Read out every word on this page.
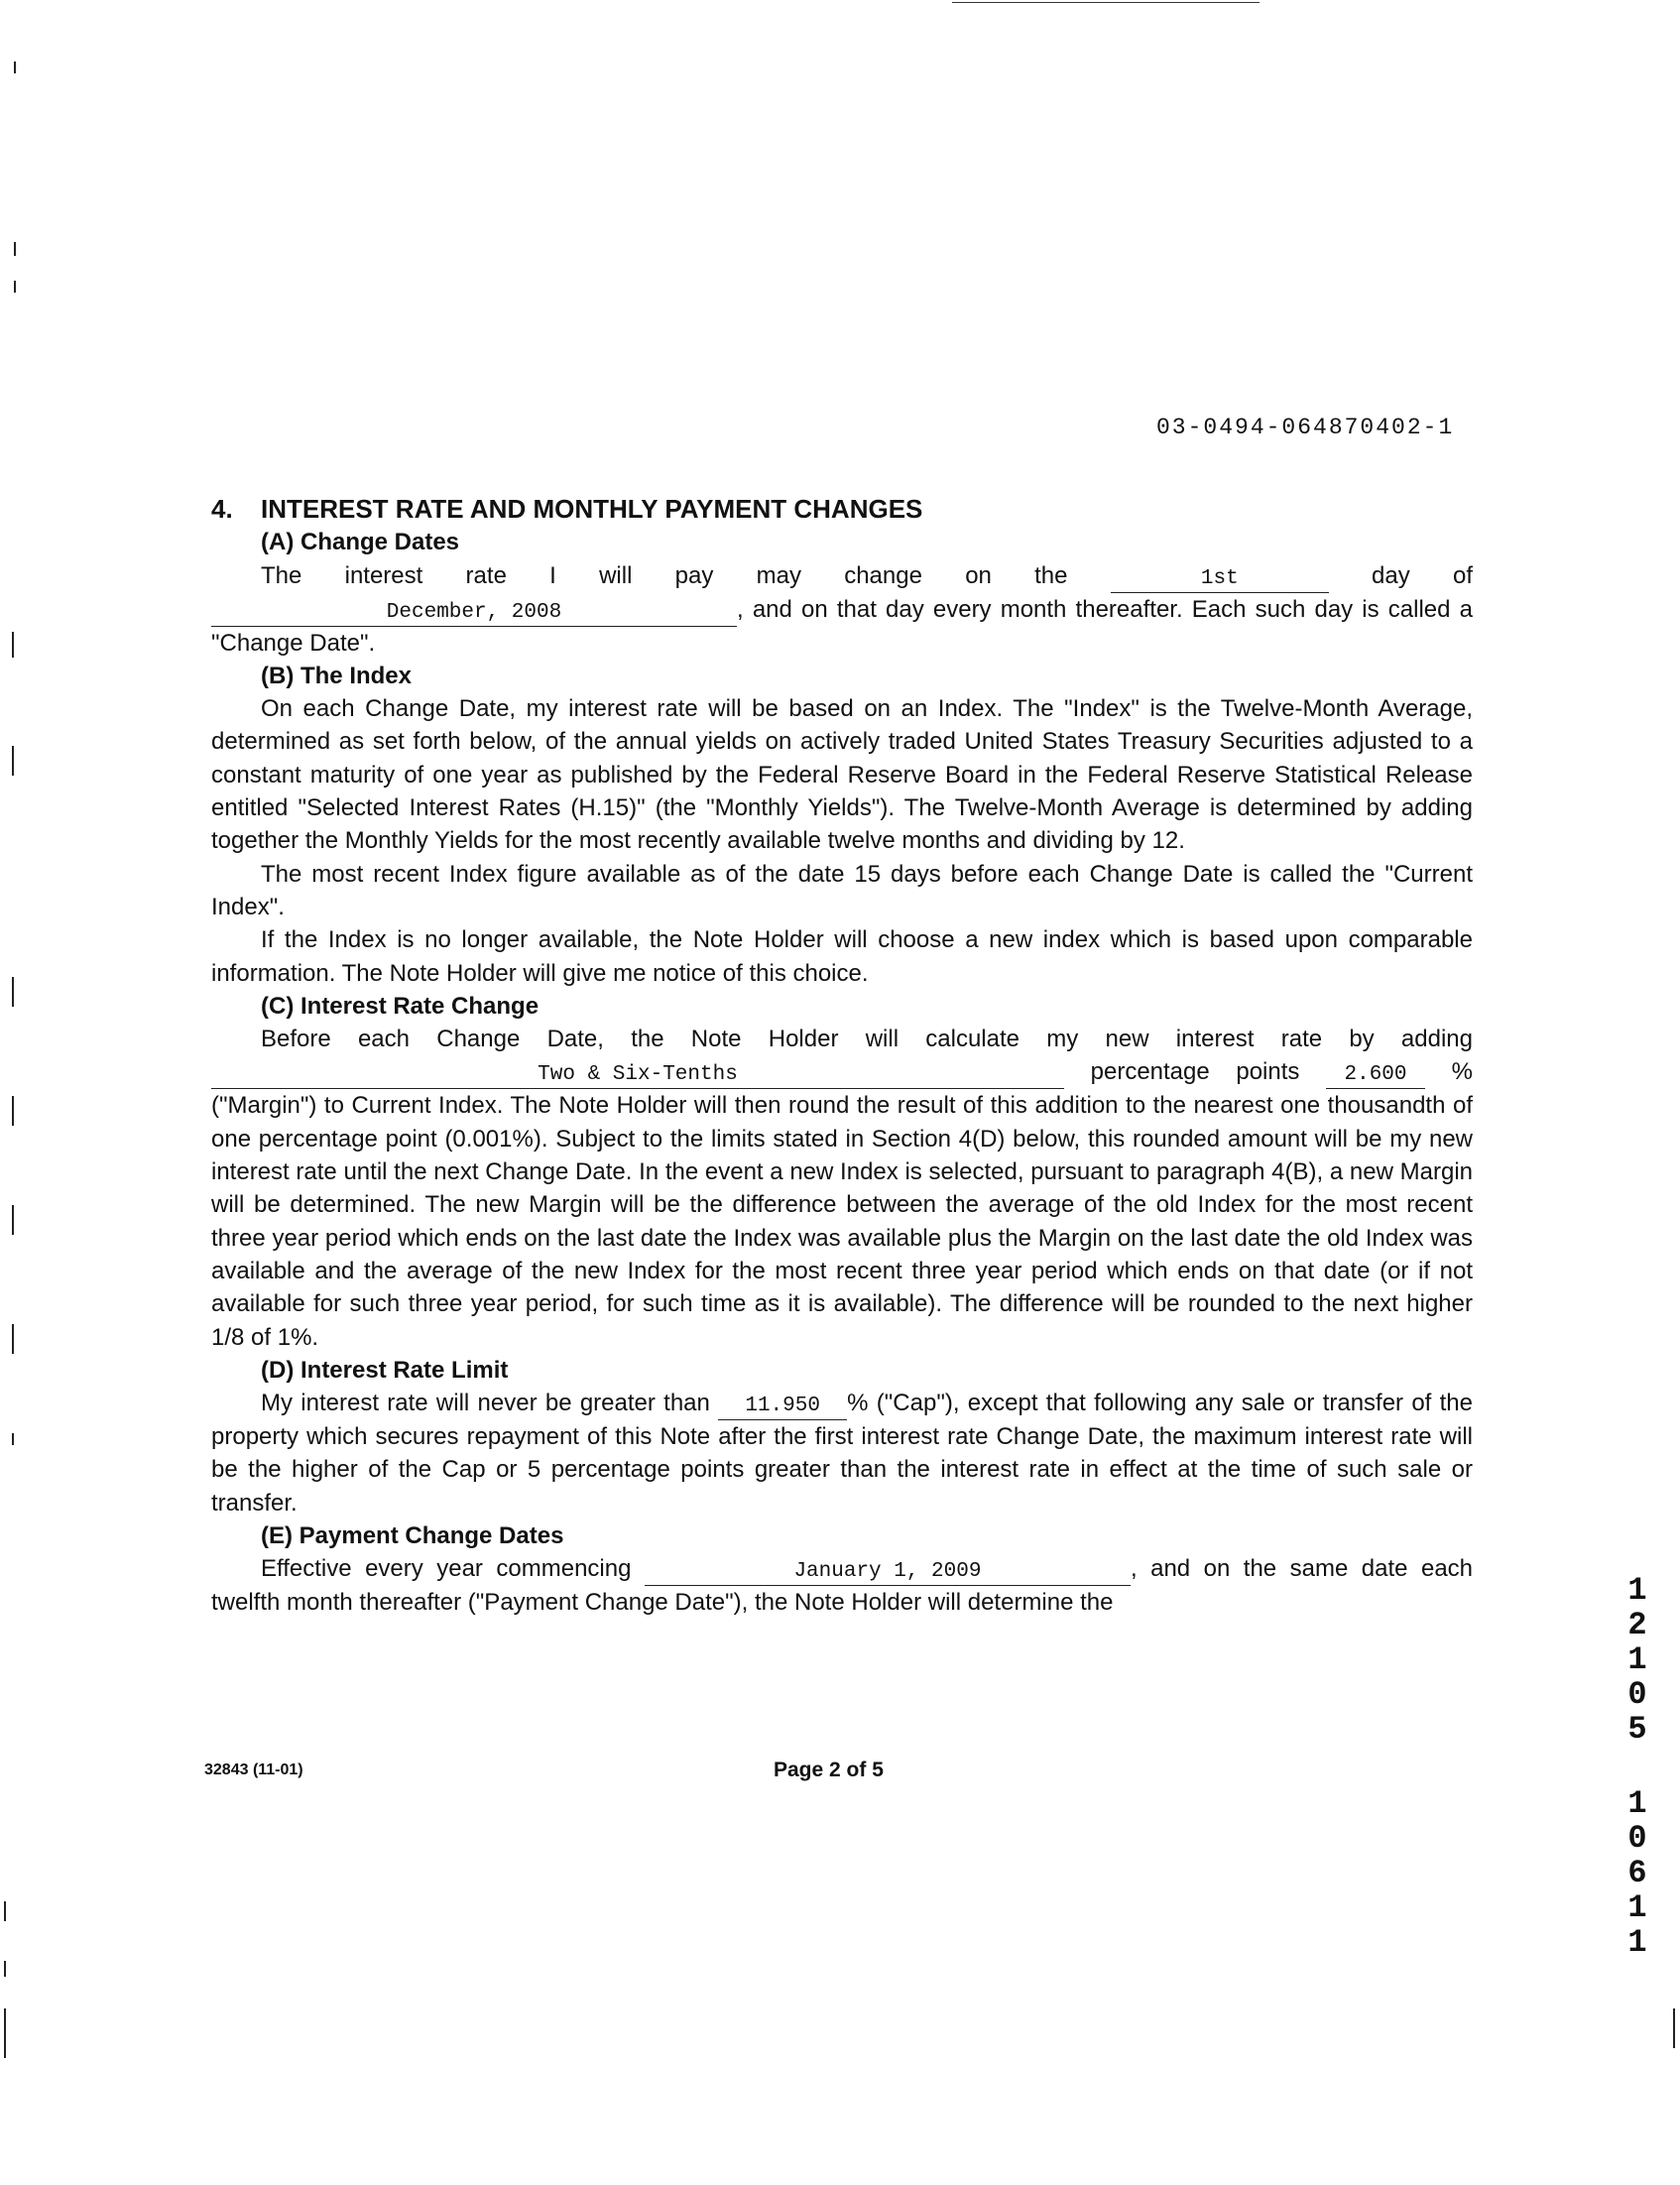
03-0494-064870402-1

4. INTEREST RATE AND MONTHLY PAYMENT CHANGES

(A) Change Dates

The interest rate I will pay may change on the	1st	day of December, 2008	, and on that day every month thereafter. Each such day is called a "Change Date".

(B) The Index

On each Change Date, my interest rate will be based on an Index. The "Index" is the Twelve-Month Average, determined as set forth below, of the annual yields on actively traded United States Treasury Securities adjusted to a constant maturity of one year as published by the Federal Reserve Board in the Federal Reserve Statistical Release entitled "Selected Interest Rates (H.15)" (the "Monthly Yields"). The Twelve-Month Average is determined by adding together the Monthly Yields for the most recently available twelve months and dividing by 12.

The most recent Index figure available as of the date 15 days before each Change Date is called the "Current Index".

If the Index is no longer available, the Note Holder will choose a new index which is based upon comparable information. The Note Holder will give me notice of this choice.

(C) Interest Rate Change

Before each Change Date, the Note Holder will calculate my new interest rate by adding Two & Six-Tenths	percentage points 2.600 % ("Margin") to Current Index. The Note Holder will then round the result of this addition to the nearest one thousandth of one percentage point (0.001%). Subject to the limits stated in Section 4(D) below, this rounded amount will be my new interest rate until the next Change Date. In the event a new Index is selected, pursuant to paragraph 4(B), a new Margin will be determined. The new Margin will be the difference between the average of the old Index for the most recent three year period which ends on the last date the Index was available plus the Margin on the last date the old Index was available and the average of the new Index for the most recent three year period which ends on that date (or if not available for such three year period, for such time as it is available). The difference will be rounded to the next higher 1/8 of 1%.

(D) Interest Rate Limit

My interest rate will never be greater than 11.950 % ("Cap"), except that following any sale or transfer of the property which secures repayment of this Note after the first interest rate Change Date, the maximum interest rate will be the higher of the Cap or 5 percentage points greater than the interest rate in effect at the time of such sale or transfer.

(E) Payment Change Dates

Effective every year commencing	January 1, 2009	, and on the same date each twelfth month thereafter ("Payment Change Date"), the Note Holder will determine the

32843 (11-01)	Page 2 of 5
1
2
1
0
5
1
0
6
1
1
